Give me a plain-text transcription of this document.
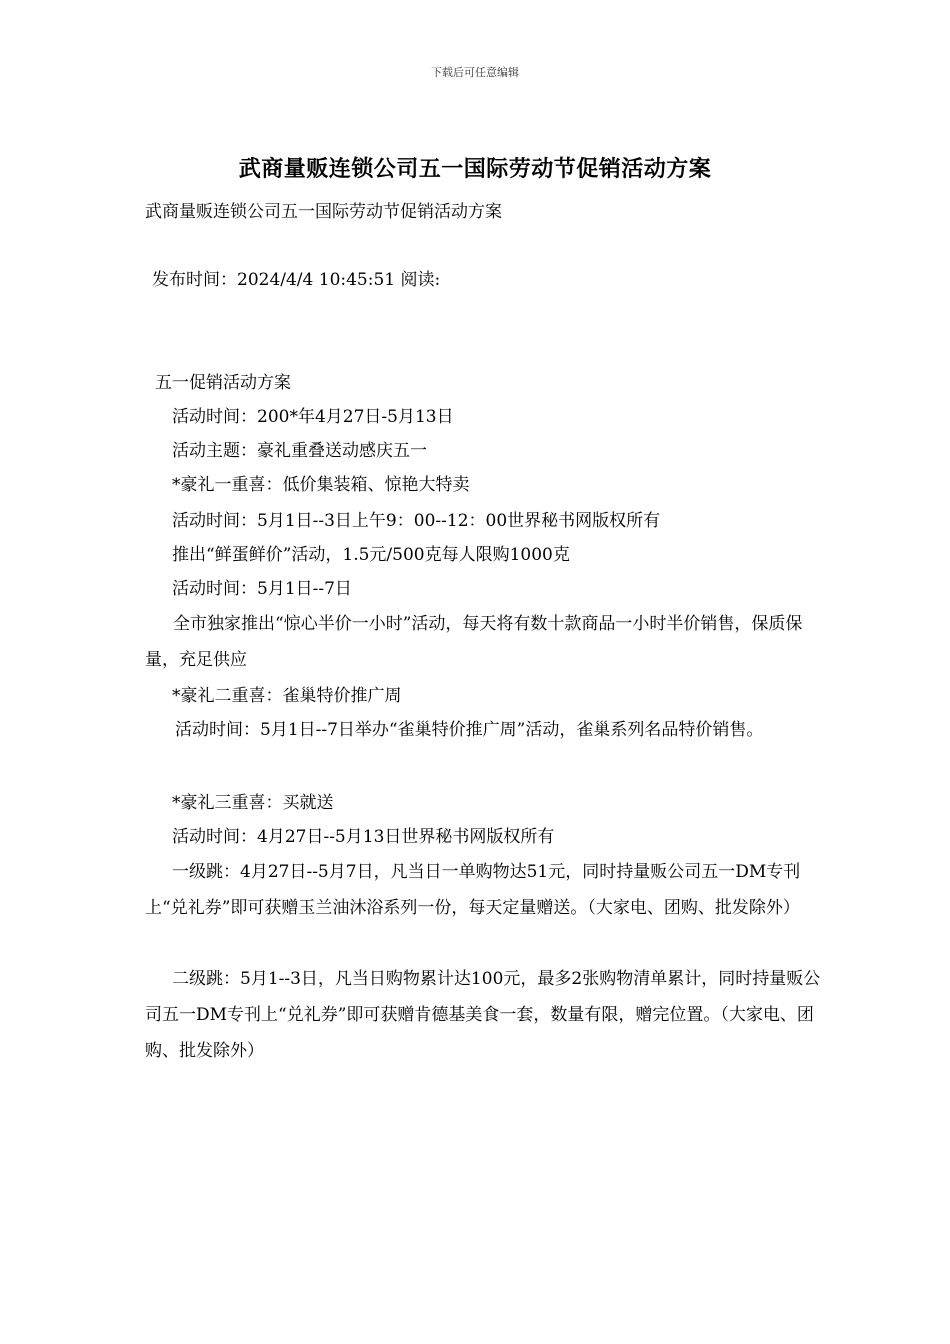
下载后可任意编辑
武商量贩连锁公司五一国际劳动节促销活动方案
武商量贩连锁公司五一国际劳动节促销活动方案
发布时间：2024/4/4 10:45:51 阅读:
五一促销活动方案
活动时间：200*年4月27日-5月13日
活动主题：豪礼重叠送动感庆五一
*豪礼一重喜：低价集装箱、惊艳大特卖
活动时间：5月1日--3日上午9：00--12：00世界秘书网版权所有
推出“鲜蛋鲜价”活动，1.5元/500克每人限购1000克
活动时间：5月1日--7日
全市独家推出“惊心半价一小时”活动，每天将有数十款商品一小时半价销售，保质保量，充足供应
*豪礼二重喜：雀巢特价推广周
活动时间：5月1日--7日举办“雀巢特价推广周”活动，雀巢系列名品特价销售。
*豪礼三重喜：买就送
活动时间：4月27日--5月13日世界秘书网版权所有
一级跳：4月27日--5月7日，凡当日一单购物达51元，同时持量贩公司五一DM专刊上“兑礼券”即可获赠玉兰油沐浴系列一份，每天定量赠送。（大家电、团购、批发除外）
二级跳：5月1--3日，凡当日购物累计达100元，最多2张购物清单累计，同时持量贩公司五一DM专刊上“兑礼券”即可获赠肯德基美食一套，数量有限，赠完位置。（大家电、团购、批发除外）
